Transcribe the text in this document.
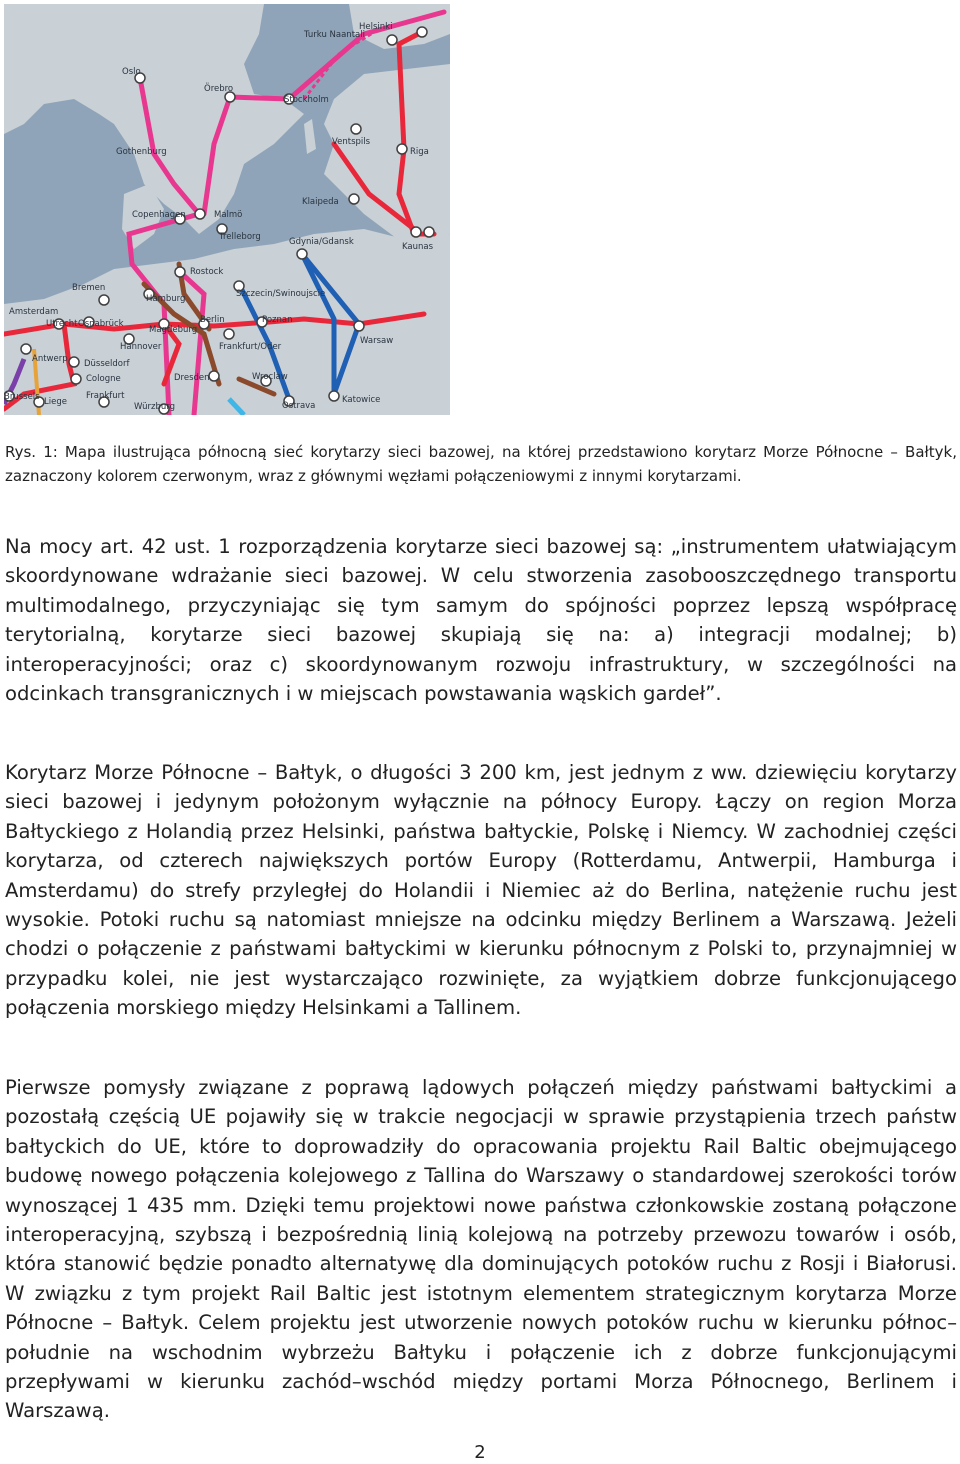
Helsinki
Turku Naantali
Oslo
Örebro
Stockholm
Ventspils
Riga
Gothenburg
Klaipeda
Copenhagen	Malmö
Trelleborg
Kaunas
Gdynia/Gdansk
Rostock
Bremen
Hamburg	Szczecin/Swinoujscie
Amsterdam
Utrecht Osnabrück
Magdeburg
Berlin	Poznan
Hannover	Frankfurt/Oder
Warsaw
Antwerp Düsseldorf
Cologne	Dresden	Wroclaw
Brussels Liege
Frankfurt
Würzburg	Ostrava
Katowice

Rys. 1: Mapa ilustrująca północną sieć korytarzy sieci bazowej, na której przedstawiono korytarz Morze Północne – Bałtyk, zaznaczony kolorem czerwonym, wraz z głównymi węzłami połączeniowymi z innymi korytarzami.

Na mocy art. 42 ust. 1 rozporządzenia korytarze sieci bazowej są: „instrumentem ułatwiającym skoordynowane wdrażanie sieci bazowej. W celu stworzenia zasobooszczędnego transportu multimodalnego, przyczyniając się tym samym do spójności poprzez lepszą współpracę terytorialną, korytarze sieci bazowej skupiają się na: a) integracji modalnej; b) interoperacyjności; oraz c) skoordynowanym rozwoju infrastruktury, w szczególności na odcinkach transgranicznych i w miejscach powstawania wąskich gardeł”.

Korytarz Morze Północne – Bałtyk, o długości 3 200 km, jest jednym z ww. dziewięciu korytarzy sieci bazowej i jedynym położonym wyłącznie na północy Europy. Łączy on region Morza Bałtyckiego z Holandią przez Helsinki, państwa bałtyckie, Polskę i Niemcy. W zachodniej części korytarza, od czterech największych portów Europy (Rotterdamu, Antwerpii, Hamburga i Amsterdamu) do strefy przyległej do Holandii i Niemiec aż do Berlina, natężenie ruchu jest wysokie. Potoki ruchu są natomiast mniejsze na odcinku między Berlinem a Warszawą. Jeżeli chodzi o połączenie z państwami bałtyckimi w kierunku północnym z Polski to, przynajmniej w przypadku kolei, nie jest wystarczająco rozwinięte, za wyjątkiem dobrze funkcjonującego połączenia morskiego między Helsinkami a Tallinem.

Pierwsze pomysły związane z poprawą lądowych połączeń między państwami bałtyckimi a pozostałą częścią UE pojawiły się w trakcie negocjacji w sprawie przystąpienia trzech państw bałtyckich do UE, które to doprowadziły do opracowania projektu Rail Baltic obejmującego budowę nowego połączenia kolejowego z Tallina do Warszawy o standardowej szerokości torów wynoszącej 1 435 mm. Dzięki temu projektowi nowe państwa członkowskie zostaną połączone interoperacyjną, szybszą i bezpośrednią linią kolejową na potrzeby przewozu towarów i osób, która stanowić będzie ponadto alternatywę dla dominujących potoków ruchu z Rosji i Białorusi. W związku z tym projekt Rail Baltic jest istotnym elementem strategicznym korytarza Morze Północne – Bałtyk. Celem projektu jest utworzenie nowych potoków ruchu w kierunku północ–południe na wschodnim wybrzeżu Bałtyku i połączenie ich z dobrze funkcjonującymi przepływami w kierunku zachód–wschód między portami Morza Północnego, Berlinem i Warszawą.

2
